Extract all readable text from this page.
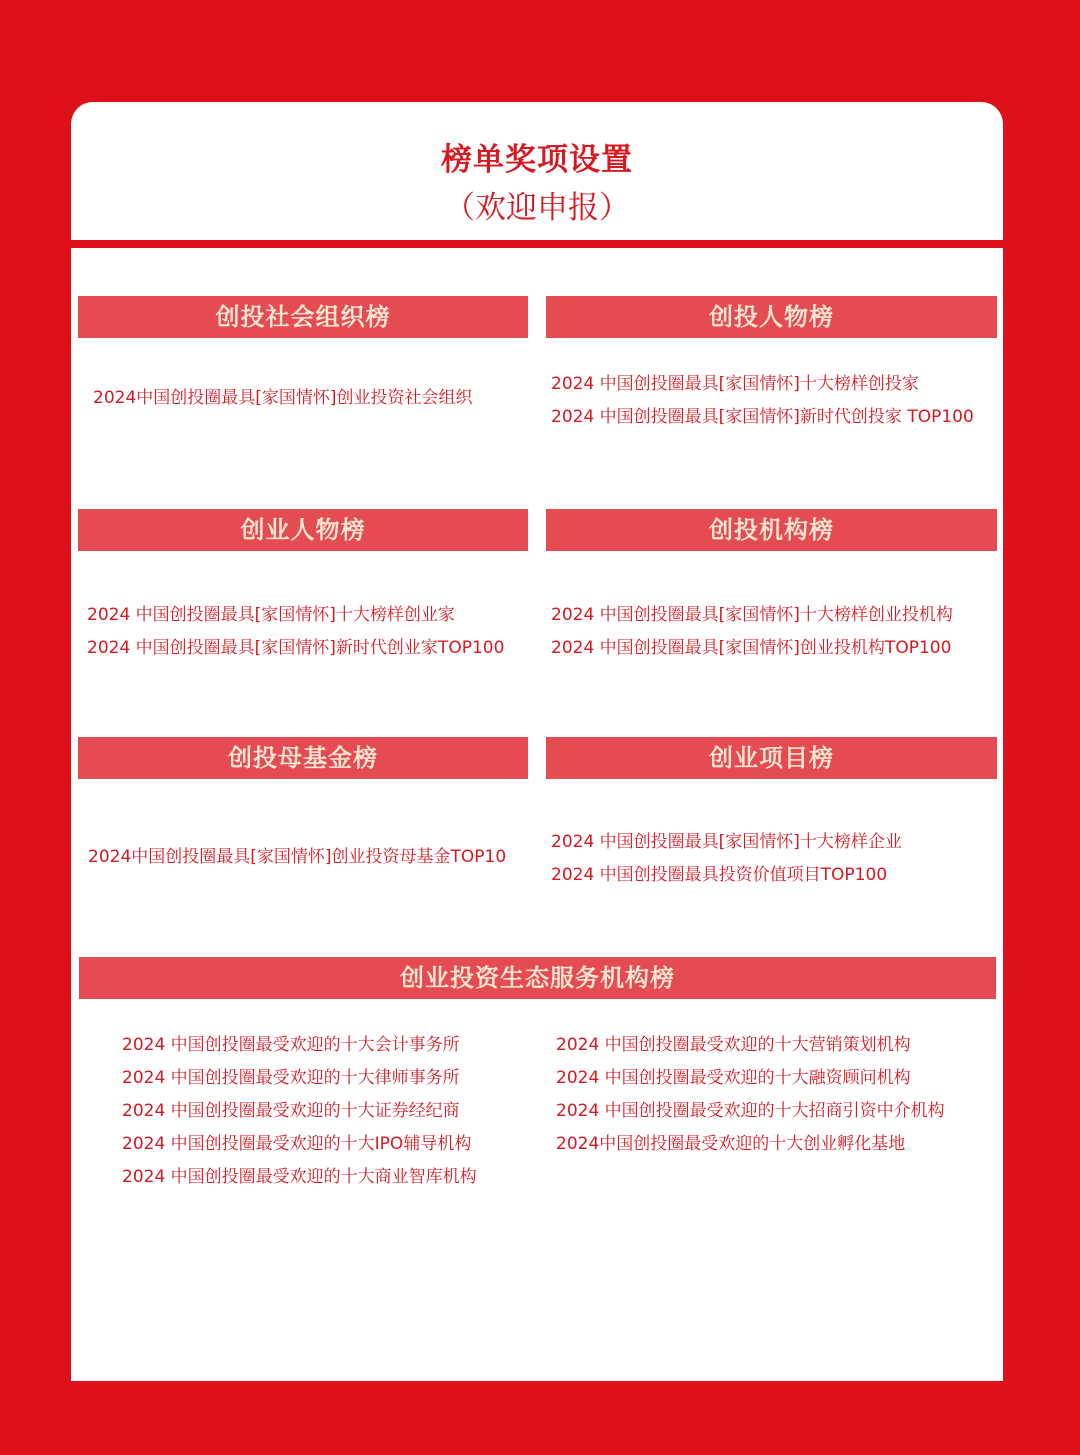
榜单奖项设置
（欢迎申报）
创投社会组织榜
2024中国创投圈最具[家国情怀]创业投资社会组织
创投人物榜
2024 中国创投圈最具[家国情怀]十大榜样创投家
2024 中国创投圈最具[家国情怀]新时代创投家 TOP100
创业人物榜
2024 中国创投圈最具[家国情怀]十大榜样创业家
2024 中国创投圈最具[家国情怀]新时代创业家TOP100
创投机构榜
2024 中国创投圈最具[家国情怀]十大榜样创业投机构
2024 中国创投圈最具[家国情怀]创业投机构TOP100
创投母基金榜
2024中国创投圈最具[家国情怀]创业投资母基金TOP10
创业项目榜
2024 中国创投圈最具[家国情怀]十大榜样企业
2024 中国创投圈最具投资价值项目TOP100
创业投资生态服务机构榜
2024 中国创投圈最受欢迎的十大会计事务所
2024 中国创投圈最受欢迎的十大律师事务所
2024 中国创投圈最受欢迎的十大证券经纪商
2024 中国创投圈最受欢迎的十大IPO辅导机构
2024 中国创投圈最受欢迎的十大商业智库机构
2024 中国创投圈最受欢迎的十大营销策划机构
2024 中国创投圈最受欢迎的十大融资顾问机构
2024 中国创投圈最受欢迎的十大招商引资中介机构
2024中国创投圈最受欢迎的十大创业孵化基地
